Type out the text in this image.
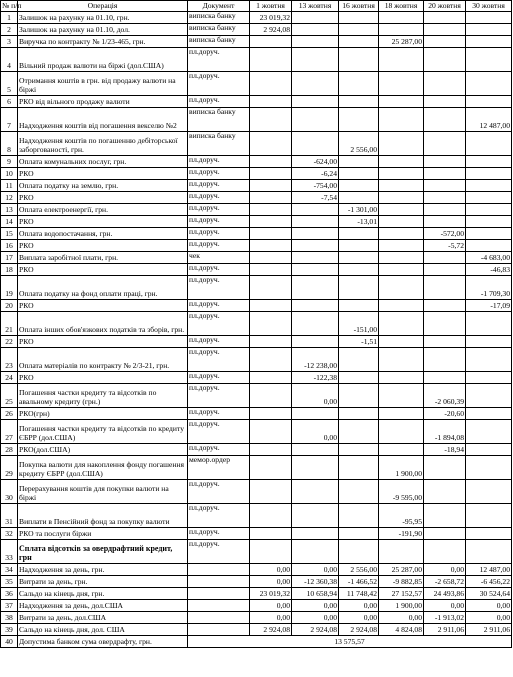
№ п/п	Операція	Документ	1 жовтня	13 жовтня	16 жовтня	18 жовтня	20 жовтня	30 жовтня
1	Залишок на рахунку на 01.10, грн.	виписка банку	23 019,32					
2	Залишок на рахунку на 01.10, дол.	виписка банку	2 924,08					
3	Виручка по контракту № 1/23-465, грн.	виписка банку				25 287,00		
4	Вільний продаж валюти на біржі (дол.США)	пл.доруч.						
5	Отримання коштів в грн. від продажу валюти на біржі	пл.доруч.						
6	РКО від вільного продажу валюти	пл.доруч.						
7	Надходження коштів від погашення векселю №2	виписка банку						12 487,00
8	Надходження коштів по погашенню дебіторської заборгованості, грн.	виписка банку			2 556,00			
9	Оплата комунальних послуг, грн.	пл.доруч.		-624,00				
10	РКО	пл.доруч.		-6,24				
11	Оплата податку на землю, грн.	пл.доруч.		-754,00				
12	РКО	пл.доруч.		-7,54				
13	Оплата електроенергії, грн.	пл.доруч.			-1 301,00			
14	РКО	пл.доруч.			-13,01			
15	Оплата водопостачання, грн.	пл.доруч.					-572,00	
16	РКО	пл.доруч.					-5,72	
17	Виплата заробітної плати, грн.	чек						-4 683,00
18	РКО	пл.доруч.						-46,83
19	Оплата податку на фонд оплати праці, грн.	пл.доруч.						-1 709,30
20	РКО	пл.доруч.						-17,09
21	Оплата інших обов'язкових податків та зборів, грн.	пл.доруч.			-151,00			
22	РКО	пл.доруч.			-1,51			
23	Оплата матеріалів по контракту № 2/3-21, грн.	пл.доруч.		-12 238,00				
24	РКО	пл.доруч.		-122,38				
25	Погашення частки кредиту та відсотків по авальному кредиту (грн.)	пл.доруч.		0,00			-2 060,39	
26	РКО(грн)	пл.доруч.					-20,60	
27	Погашення частки кредиту та відсотків по кредиту ЄБРР (дол.США)	пл.доруч.		0,00			-1 894,08	
28	РКО(дол.США)	пл.доруч.					-18,94	
29	Покупка валюти для накоплення фонду погашення кредиту ЄБРР (дол.США)	мемор.ордер				1 900,00		
30	Перерахування коштів для покупки валюти на біржі	пл.доруч.				-9 595,00		
31	Виплати в Пенсійний фонд за покупку валюти	пл.доруч.				-95,95		
32	РКО та послуги біржи	пл.доруч.				-191,90		
33	Сплата відсотків за овердрафтний кредит, грн	пл.доруч.						
34	Надходження за день, грн.		0,00	0,00	2 556,00	25 287,00	0,00	12 487,00
35	Витрати за день, грн.		0,00	-12 360,38	-1 466,52	-9 882,85	-2 658,72	-6 456,22
36	Сальдо на кінець дня, грн.		23 019,32	10 658,94	11 748,42	27 152,57	24 493,86	30 524,64
37	Надходження за день, дол.США		0,00	0,00	0,00	1 900,00	0,00	0,00
38	Витрати за день, дол.США		0,00	0,00	0,00	0,00	-1 913,02	0,00
39	Сальдо на кінець дня, дол. США		2 924,08	2 924,08	2 924,08	4 824,08	2 911,06	2 911,06
40	Допустима банком сума овердрафту, грн.	13 575,57						
